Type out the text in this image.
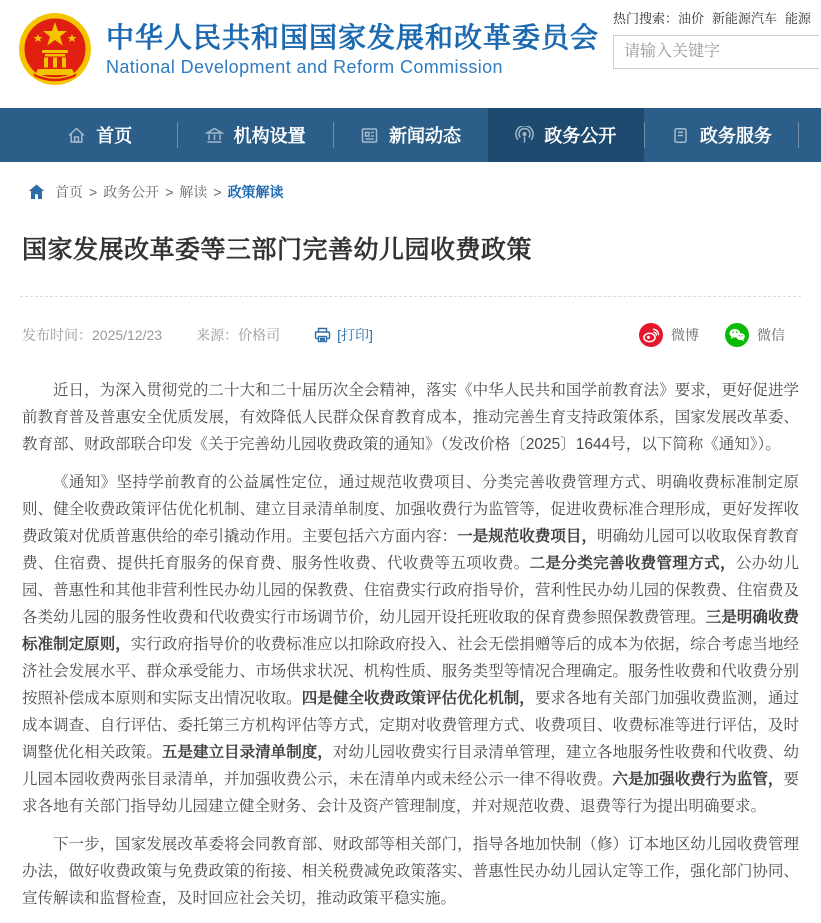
中华人民共和国国家发展和改革委员会
National Development and Reform Commission
热门搜索：油价 新能源汽车 能源
请输入关键字
首页	机构设置	新闻动态	政务公开	政务服务
首页 > 政务公开 > 解读 > 政策解读
国家发展改革委等三部门完善幼儿园收费政策
发布时间：2025/12/23 来源：价格司	[打印]	微博	微信

近日，为深入贯彻党的二十大和二十届历次全会精神，落实《中华人民共和国学前教育法》要求，更好促进学前教育普及普惠安全优质发展，有效降低人民群众保育教育成本，推动完善生育支持政策体系，国家发展改革委、教育部、财政部联合印发《关于完善幼儿园收费政策的通知》（发改价格〔2025〕1644号，以下简称《通知》）。

《通知》坚持学前教育的公益属性定位，通过规范收费项目、分类完善收费管理方式、明确收费标准制定原则、健全收费政策评估优化机制、建立目录清单制度、加强收费行为监管等，促进收费标准合理形成，更好发挥收费政策对优质普惠供给的牵引撬动作用。主要包括六方面内容：一是规范收费项目，明确幼儿园可以收取保育教育费、住宿费、提供托育服务的保育费、服务性收费、代收费等五项收费。二是分类完善收费管理方式，公办幼儿园、普惠性和其他非营利性民办幼儿园的保教费、住宿费实行政府指导价，营利性民办幼儿园的保教费、住宿费及各类幼儿园的服务性收费和代收费实行市场调节价，幼儿园开设托班收取的保育费参照保教费管理。三是明确收费标准制定原则，实行政府指导价的收费标准应以扣除政府投入、社会无偿捐赠等后的成本为依据，综合考虑当地经济社会发展水平、群众承受能力、市场供求状况、机构性质、服务类型等情况合理确定。服务性收费和代收费分别按照补偿成本原则和实际支出情况收取。四是健全收费政策评估优化机制，要求各地有关部门加强收费监测，通过成本调查、自行评估、委托第三方机构评估等方式，定期对收费管理方式、收费项目、收费标准等进行评估，及时调整优化相关政策。五是建立目录清单制度，对幼儿园收费实行目录清单管理，建立各地服务性收费和代收费、幼儿园本园收费两张目录清单，并加强收费公示，未在清单内或未经公示一律不得收费。六是加强收费行为监管，要求各地有关部门指导幼儿园建立健全财务、会计及资产管理制度，并对规范收费、退费等行为提出明确要求。

下一步，国家发展改革委将会同教育部、财政部等相关部门，指导各地加快制（修）订本地区幼儿园收费管理办法，做好收费政策与免费政策的衔接、相关税费减免政策落实、普惠性民办幼儿园认定等工作，强化部门协同、宣传解读和监督检查，及时回应社会关切，推动政策平稳实施。
